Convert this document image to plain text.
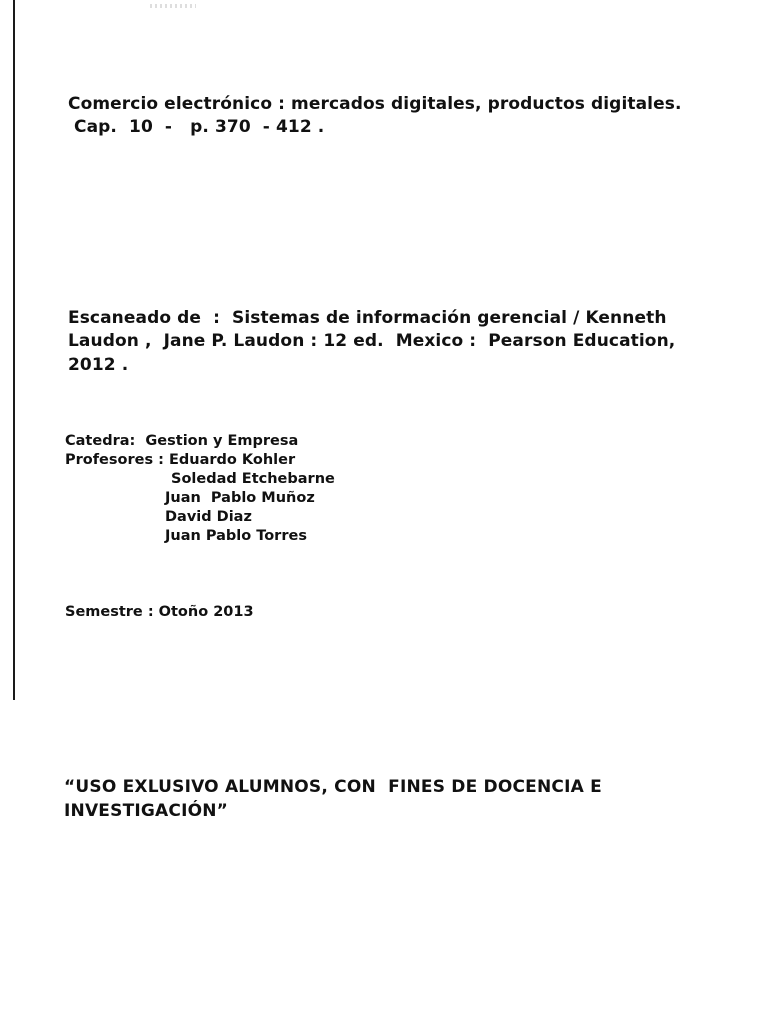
Comercio electrónico : mercados digitales, productos digitales.
Cap.  10  -   p. 370  - 412 .
Escaneado de  :  Sistemas de información gerencial / Kenneth
Laudon ,  Jane P. Laudon : 12 ed.  Mexico :  Pearson Education,
2012 .
Catedra:  Gestion y Empresa
Profesores : Eduardo Kohler
Soledad Etchebarne
Juan  Pablo Muñoz
David Diaz
Juan Pablo Torres
Semestre : Otoño 2013
“USO EXLUSIVO ALUMNOS, CON  FINES DE DOCENCIA E
INVESTIGACIÓN”
